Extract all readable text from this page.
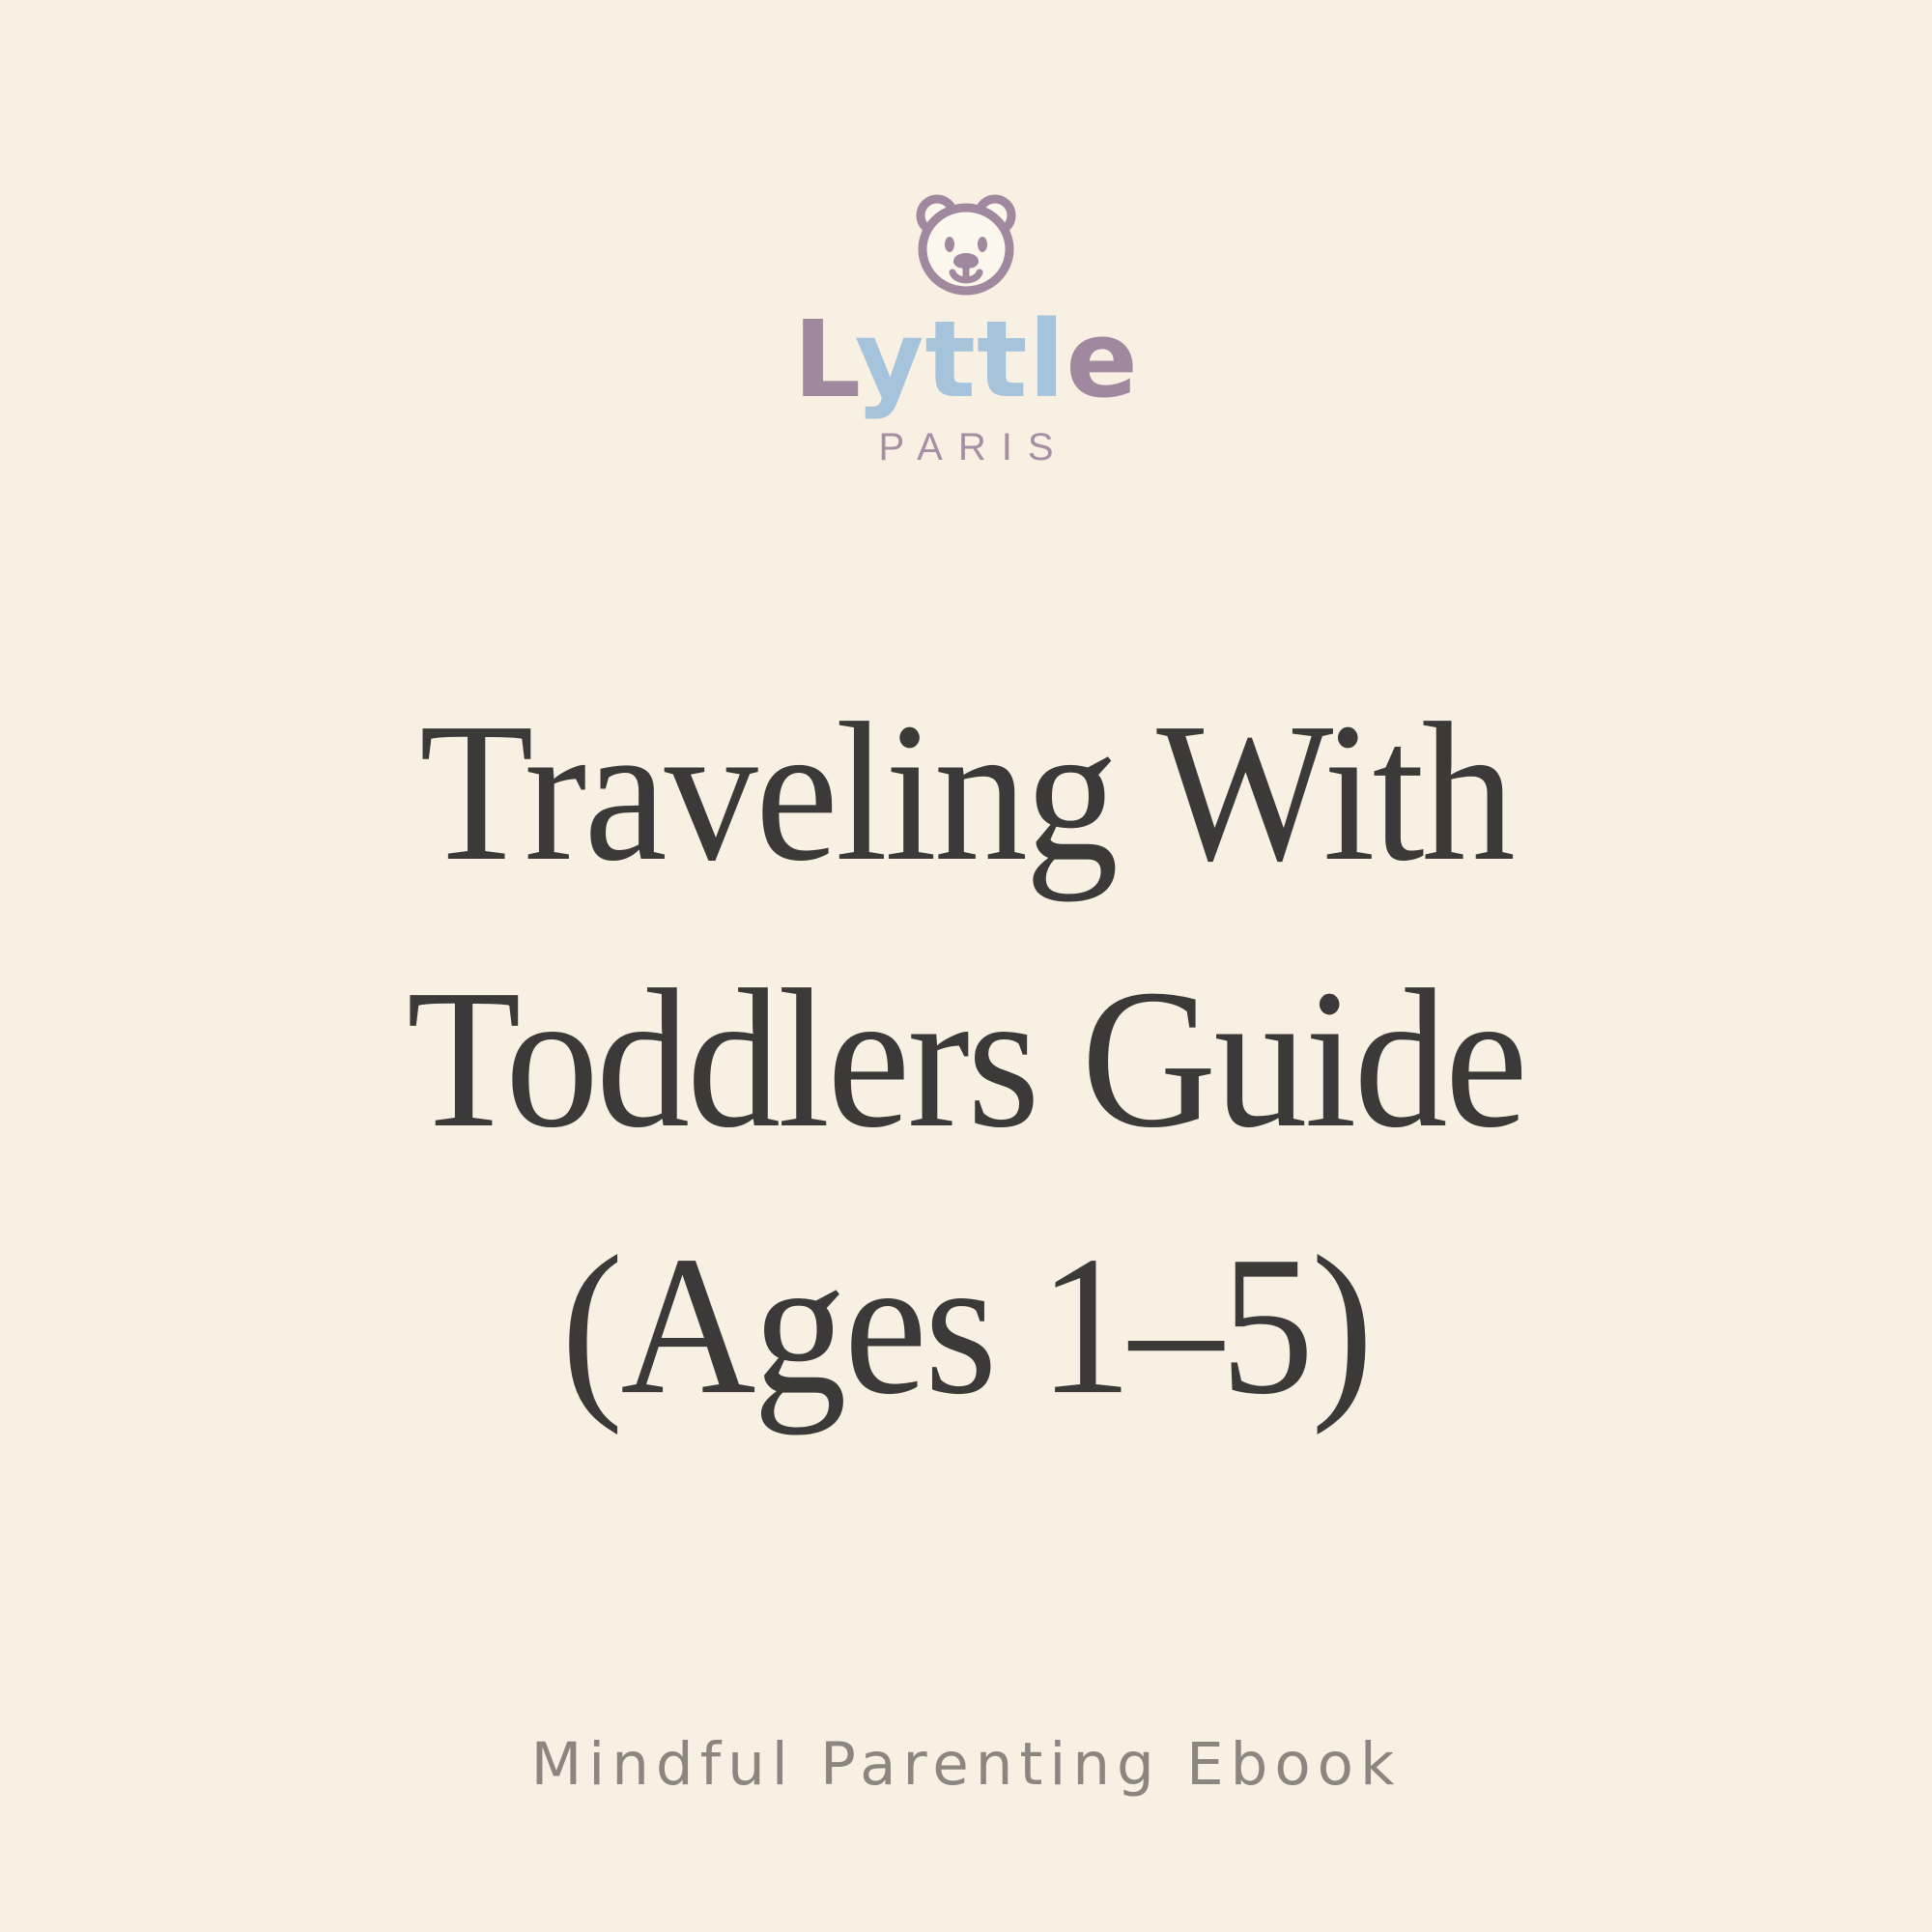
Lyttle
PARIS
Traveling With
Toddlers Guide
(Ages 1–5)
Mindful Parenting Ebook
